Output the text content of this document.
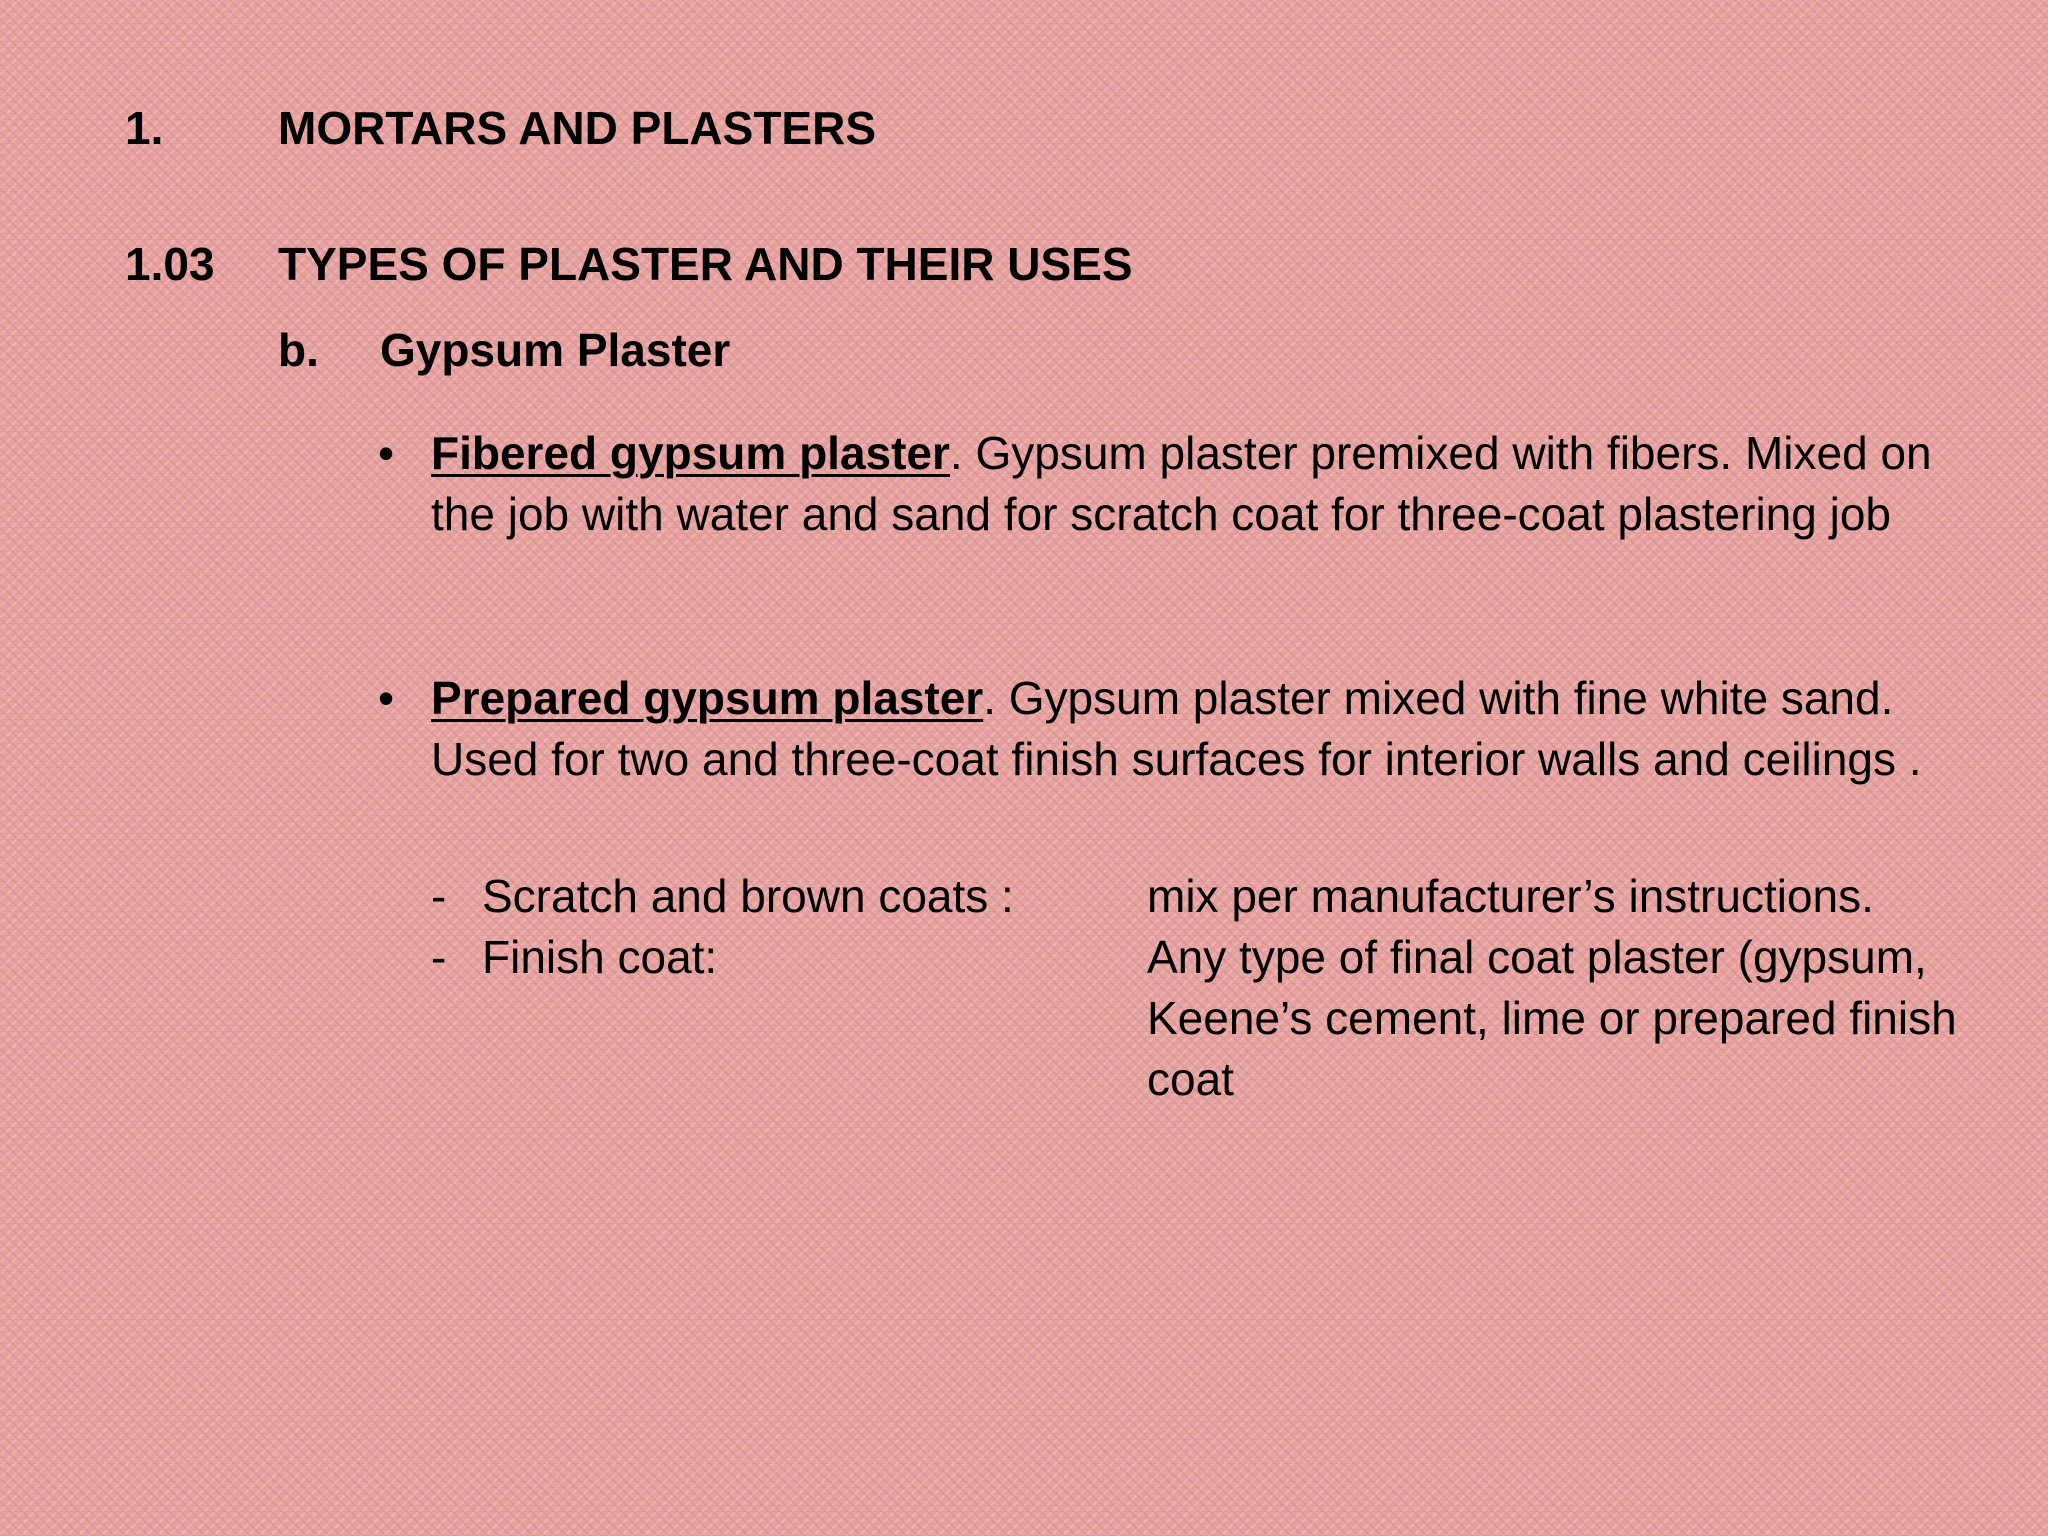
1. MORTARS AND PLASTERS
1.03 TYPES OF PLASTER AND THEIR USES
b. Gypsum Plaster
• Fibered gypsum plaster. Gypsum plaster premixed with fibers. Mixed on the job with water and sand for scratch coat for three-coat plastering job
• Prepared gypsum plaster. Gypsum plaster mixed with fine white sand. Used for two and three-coat finish surfaces for interior walls and ceilings .
- Scratch and brown coats :	mix per manufacturer’s instructions.
- Finish coat:	Any type of final coat plaster (gypsum, Keene’s cement, lime or prepared finish coat
